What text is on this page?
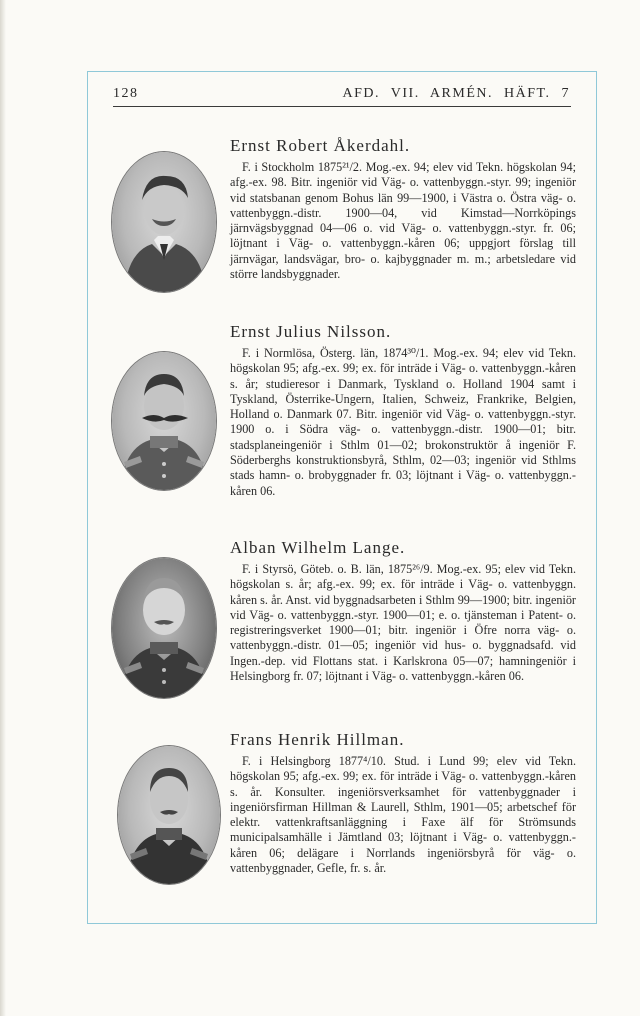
128	AFD. VII. ARMÉN. HÄFT. 7
Ernst Robert Åkerdahl.

F. i Stockholm 1875²¹/2. Mog.-ex. 94; elev vid Tekn. högskolan 94; afg.-ex. 98. Bitr. ingeniör vid Väg- o. vattenbyggn.-styr. 99; ingeniör vid statsbanan genom Bohus län 99—1900, i Västra o. Östra väg- o. vattenbyggn.-distr. 1900—04, vid Kimstad—Norrköpings järnvägsbyggnad 04—06 o. vid Väg- o. vattenbyggn.-styr. fr. 06; löjtnant i Väg- o. vattenbyggn.-kåren 06; uppgjort förslag till järnvägar, landsvägar, bro- o. kajbyggnader m. m.; arbetsledare vid större landsbyggnader.

Ernst Julius Nilsson.

F. i Normlösa, Österg. län, 1874³⁰/1. Mog.-ex. 94; elev vid Tekn. högskolan 95; afg.-ex. 99; ex. för inträde i Väg- o. vattenbyggn.-kåren s. år; studieresor i Danmark, Tyskland o. Holland 1904 samt i Tyskland, Österrike-Ungern, Italien, Schweiz, Frankrike, Belgien, Holland o. Danmark 07. Bitr. ingeniör vid Väg- o. vattenbyggn.-styr. 1900 o. i Södra väg- o. vattenbyggn.-distr. 1900—01; bitr. stadsplaneingeniör i Sthlm 01—02; brokonstruktör å ingeniör F. Söderberghs konstruktionsbyrå, Sthlm, 02—03; ingeniör vid Sthlms stads hamn- o. brobyggnader fr. 03; löjtnant i Väg- o. vattenbyggn.-kåren 06.

Alban Wilhelm Lange.

F. i Styrsö, Göteb. o. B. län, 1875²⁶/9. Mog.-ex. 95; elev vid Tekn. högskolan s. år; afg.-ex. 99; ex. för inträde i Väg- o. vattenbyggn. kåren s. år. Anst. vid byggnadsarbeten i Sthlm 99—1900; bitr. ingeniör vid Väg- o. vattenbyggn.-styr. 1900—01; e. o. tjänsteman i Patent- o. registreringsverket 1900—01; bitr. ingeniör i Öfre norra väg- o. vattenbyggn.-distr. 01—05; ingeniör vid hus- o. byggnadsafd. vid Ingen.-dep. vid Flottans stat. i Karlskrona 05—07; hamningeniör i Helsingborg fr. 07; löjtnant i Väg- o. vattenbyggn.-kåren 06.

Frans Henrik Hillman.

F. i Helsingborg 1877⁴/10. Stud. i Lund 99; elev vid Tekn. högskolan 95; afg.-ex. 99; ex. för inträde i Väg- o. vattenbyggn.-kåren s. år. Konsulter. ingeniörsverksamhet för vattenbyggnader i ingeniörsfirman Hillman & Laurell, Sthlm, 1901—05; arbetschef för elektr. vattenkraftsanläggning i Faxe älf för Strömsunds municipalsamhälle i Jämtland 03; löjtnant i Väg- o. vattenbyggn.-kåren 06; delägare i Norrlands ingeniörsbyrå för väg- o. vattenbyggnader, Gefle, fr. s. år.
